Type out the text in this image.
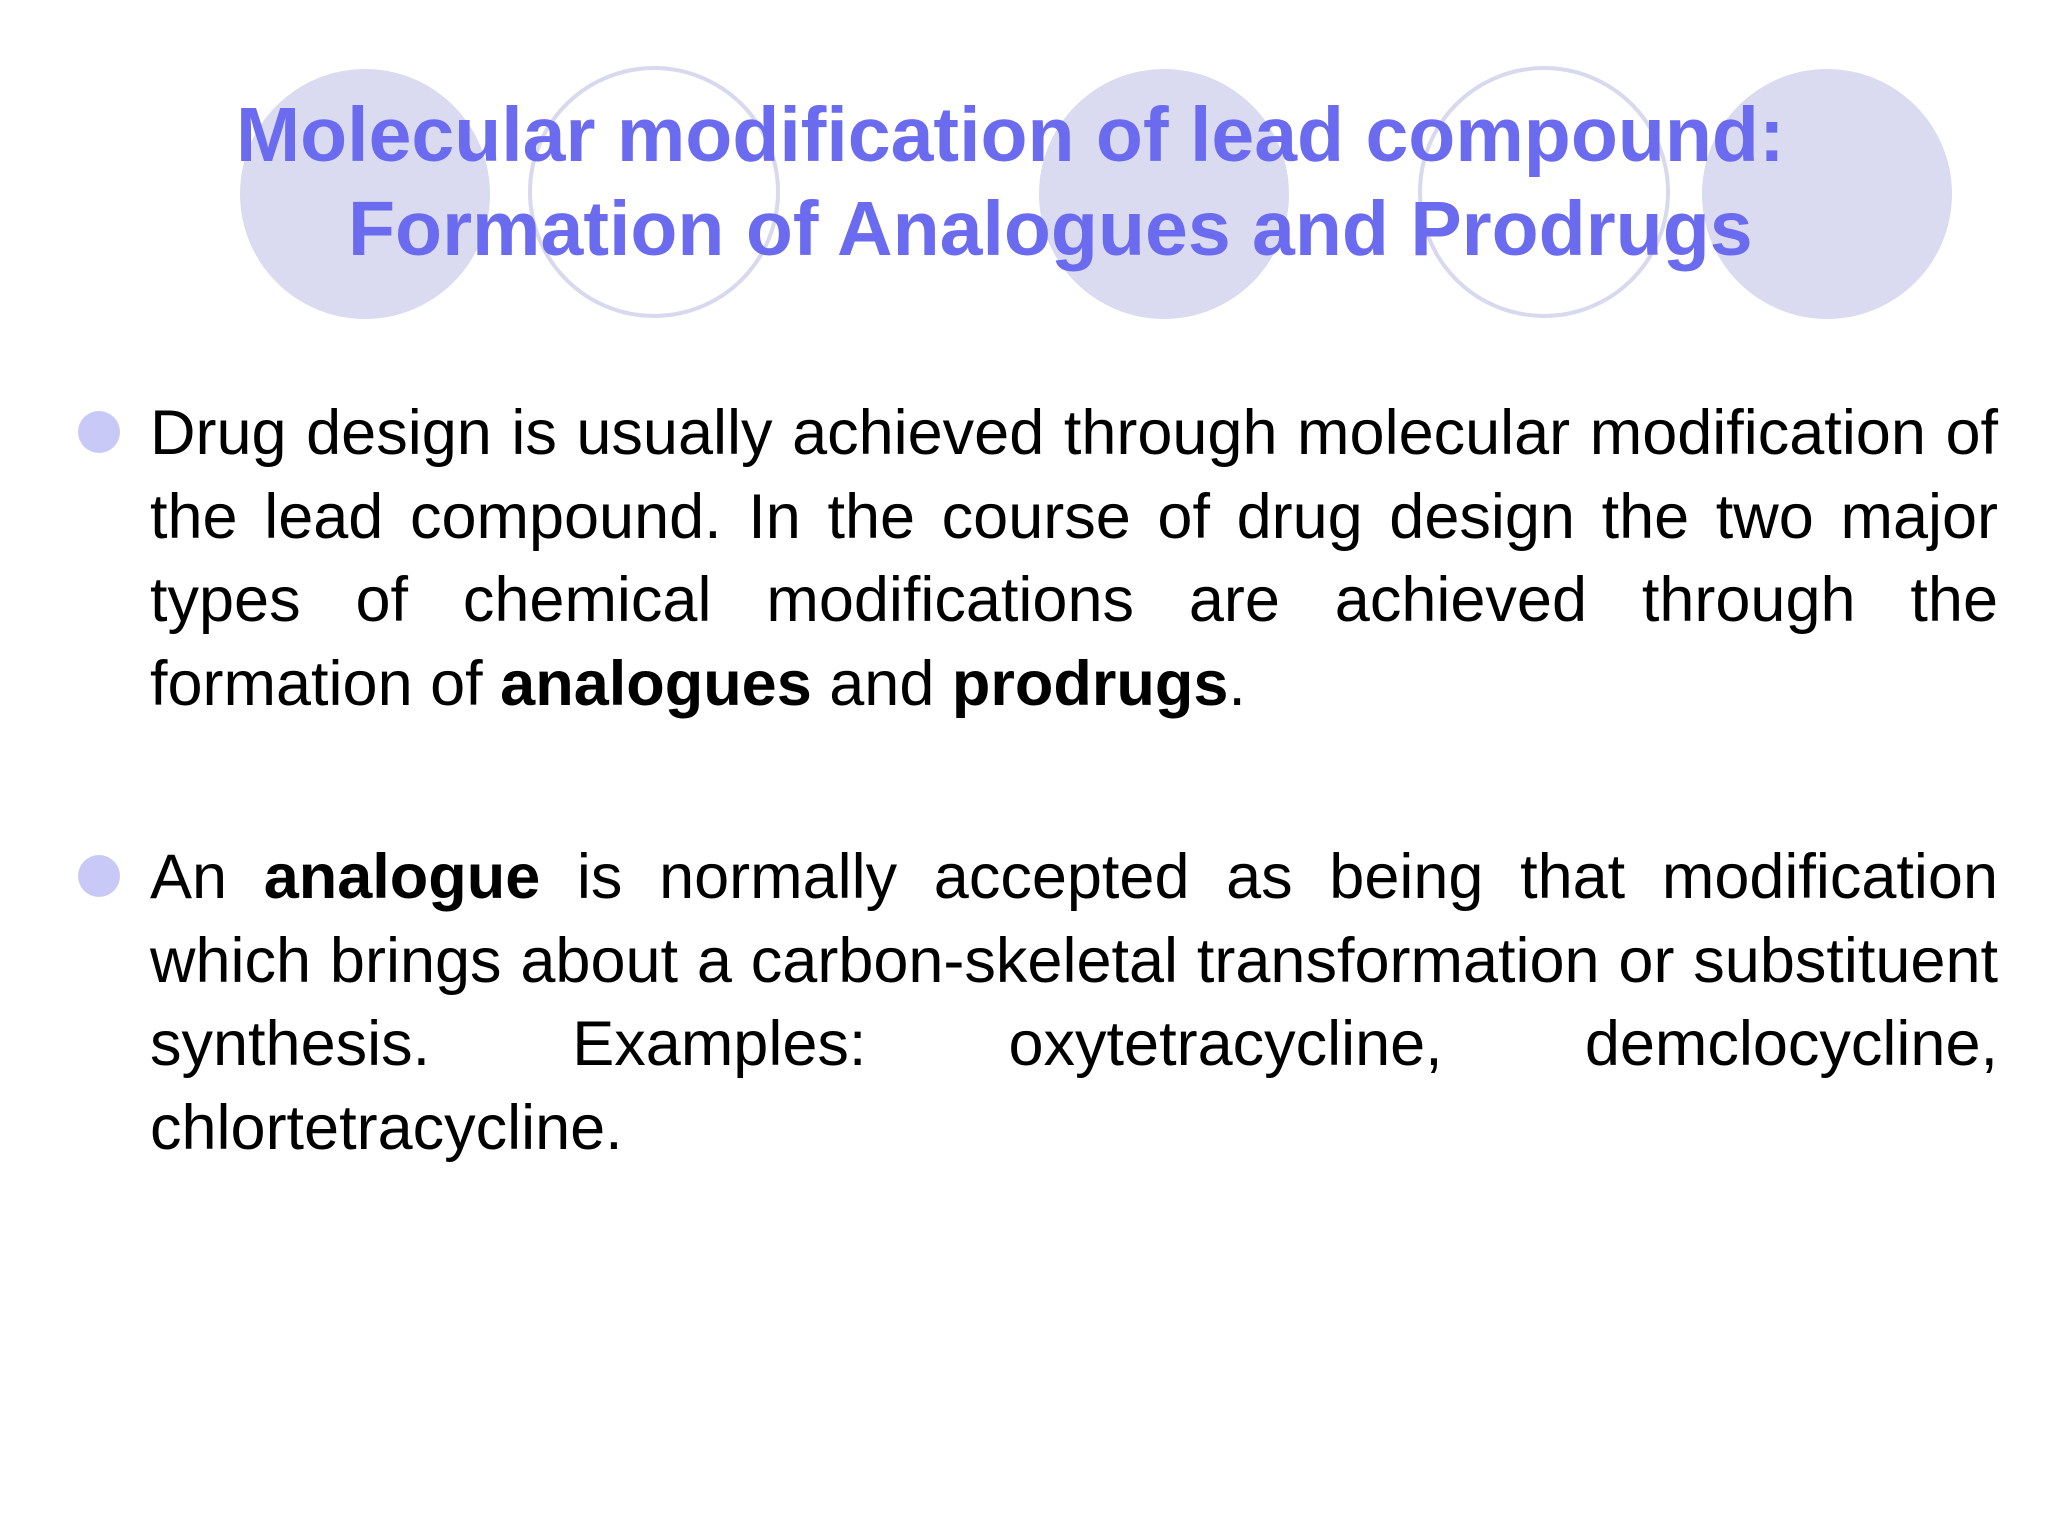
Molecular modification of lead compound:
Formation of Analogues and Prodrugs
Drug design is usually achieved through molecular modification of the lead compound. In the course of drug design the two major types of chemical modifications are achieved through the formation of analogues and prodrugs.
An analogue is normally accepted as being that modification which brings about a carbon-skeletal transformation or substituent synthesis. Examples: oxytetracycline, demclocycline, chlortetracycline.
